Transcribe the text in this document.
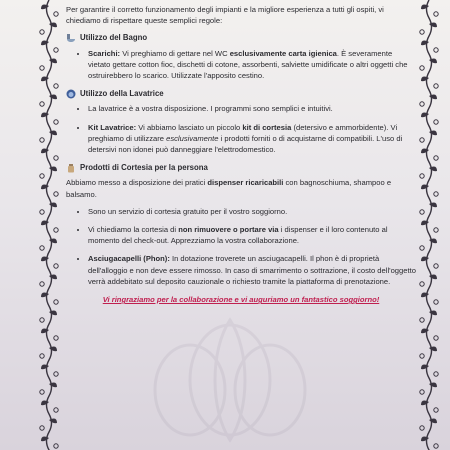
Per garantire il corretto funzionamento degli impianti e la migliore esperienza a tutti gli ospiti, vi chiediamo di rispettare queste semplici regole:
Utilizzo del Bagno
• Scarichi: Vi preghiamo di gettare nel WC esclusivamente carta igienica. È severamente vietato gettare cotton fioc, dischetti di cotone, assorbenti, salviette umidificate o altri oggetti che ostruirebbero lo scarico. Utilizzate l'apposito cestino.
Utilizzo della Lavatrice
• La lavatrice è a vostra disposizione. I programmi sono semplici e intuitivi.
• Kit Lavatrice: Vi abbiamo lasciato un piccolo kit di cortesia (detersivo e ammorbidente). Vi preghiamo di utilizzare esclusivamente i prodotti forniti o di acquistarne di compatibili. L'uso di detersivi non idonei può danneggiare l'elettrodomestico.
Prodotti di Cortesia per la persona
Abbiamo messo a disposizione dei pratici dispenser ricaricabili con bagnoschiuma, shampoo e balsamo.
• Sono un servizio di cortesia gratuito per il vostro soggiorno.
• Vi chiediamo la cortesia di non rimuovere o portare via i dispenser e il loro contenuto al momento del check-out. Apprezziamo la vostra collaborazione.
• Asciugacapelli (Phon): In dotazione troverete un asciugacapelli. Il phon è di proprietà dell'alloggio e non deve essere rimosso. In caso di smarrimento o sottrazione, il costo dell'oggetto verrà addebitato sul deposito cauzionale o richiesto tramite la piattaforma di prenotazione.
Vi ringraziamo per la collaborazione e vi auguriamo un fantastico soggiorno!
